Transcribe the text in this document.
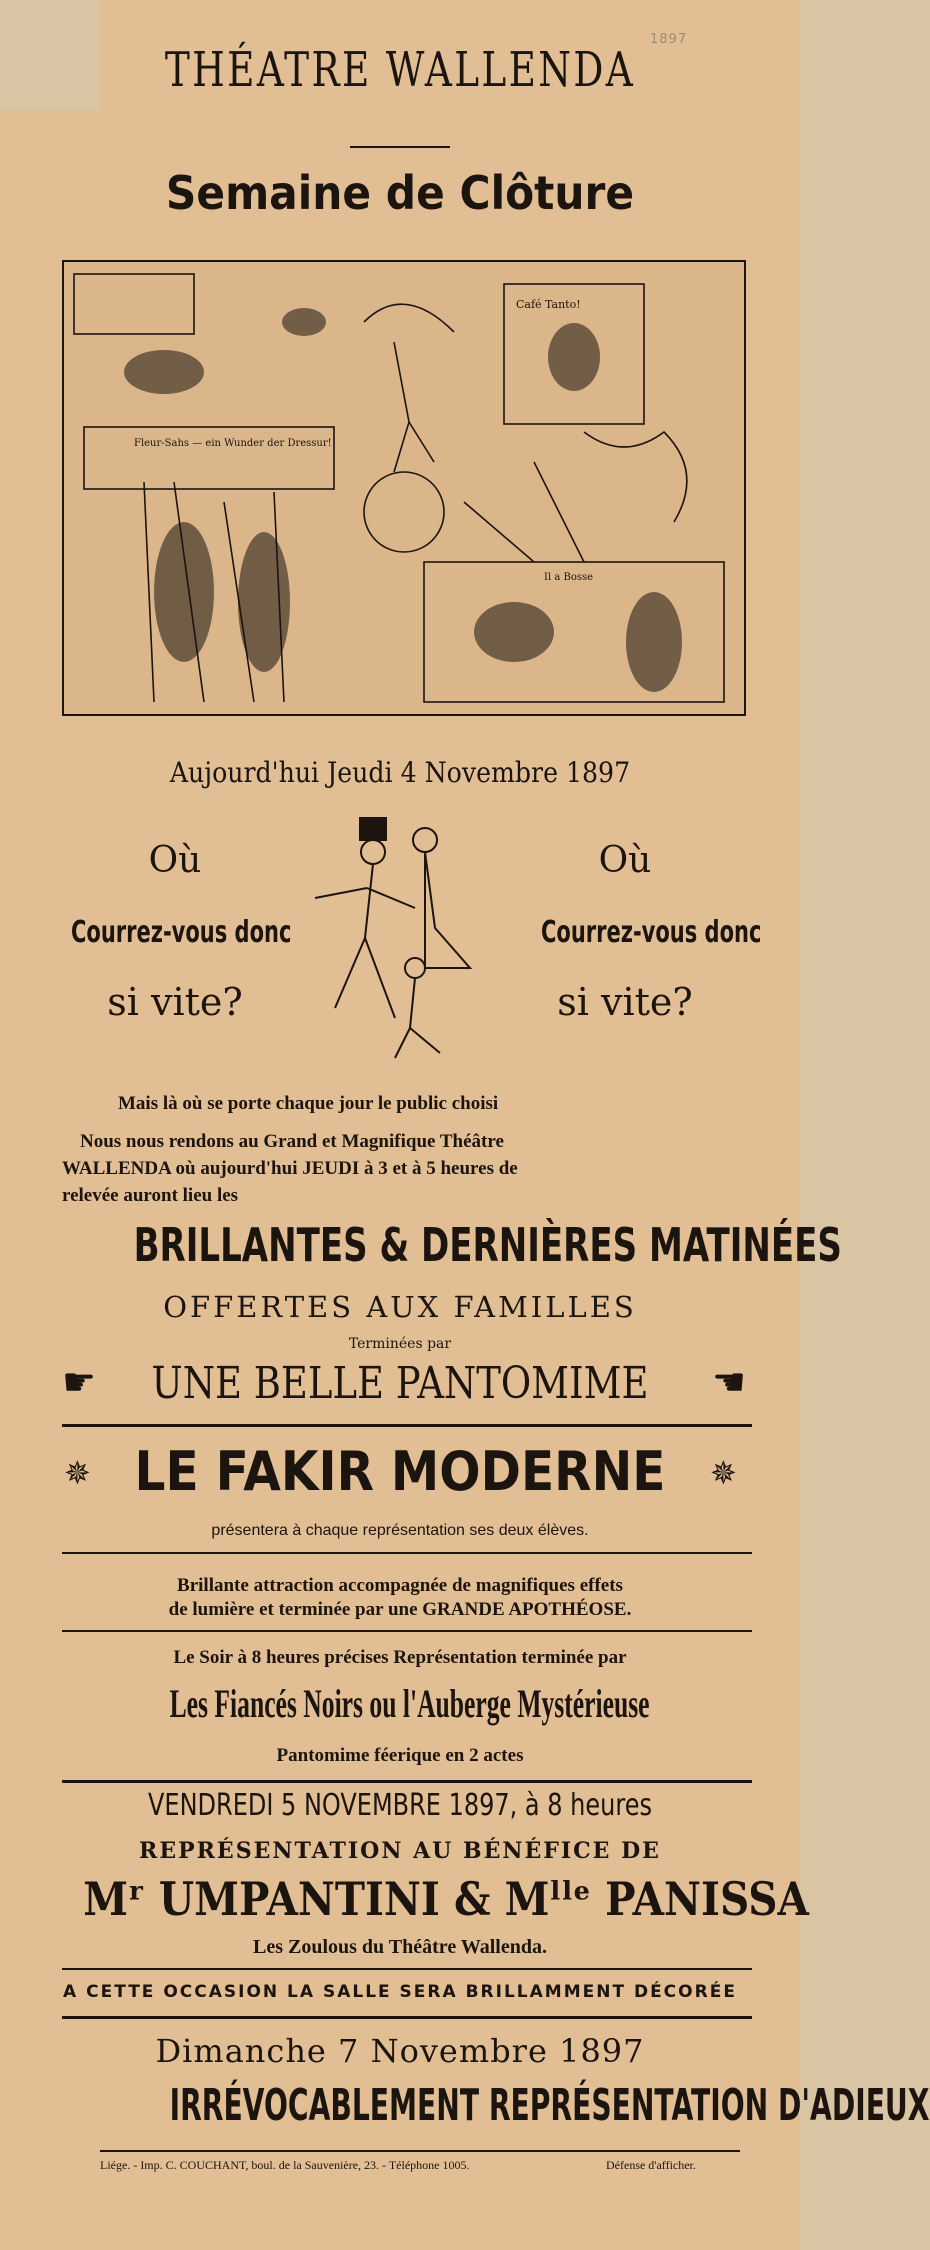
1897
THÉATRE WALLENDA
Semaine de Clôture
Café Tanto!
Fleur-Sahs — ein Wunder der Dressur!
Il a Bosse
Aujourd'hui Jeudi 4 Novembre 1897
Où
Courrez-vous donc
si vite?
Où
Courrez-vous donc
si vite?
Mais là où se porte chaque jour le public choisi
Nous nous rendons au Grand et Magnifique Théâtre
WALLENDA où aujourd'hui JEUDI à 3 et à 5 heures de
relevée auront lieu les
BRILLANTES & DERNIÈRES MATINÉES
OFFERTES AUX FAMILLES
Terminées par
☛	UNE BELLE PANTOMIME	☚
✵ LE FAKIR MODERNE	✵
présentera à chaque représentation ses deux élèves.
Brillante attraction accompagnée de magnifiques effets
de lumière et terminée par une GRANDE APOTHÉOSE.
Le Soir à 8 heures précises Représentation terminée par
Les Fiancés Noirs ou l'Auberge Mystérieuse
Pantomime féerique en 2 actes
VENDREDI 5 NOVEMBRE 1897, à 8 heures
REPRÉSENTATION AU BÉNÉFICE DE
Mʳ UMPANTINI & Mˡˡᵉ PANISSA
Les Zoulous du Théâtre Wallenda.
A CETTE OCCASION LA SALLE SERA BRILLAMMENT DÉCORÉE
Dimanche 7 Novembre 1897
IRRÉVOCABLEMENT REPRÉSENTATION D'ADIEUX
Liége. - Imp. C. COUCHANT, boul. de la Sauvenière, 23. - Téléphone 1005.	Défense d'afficher.
